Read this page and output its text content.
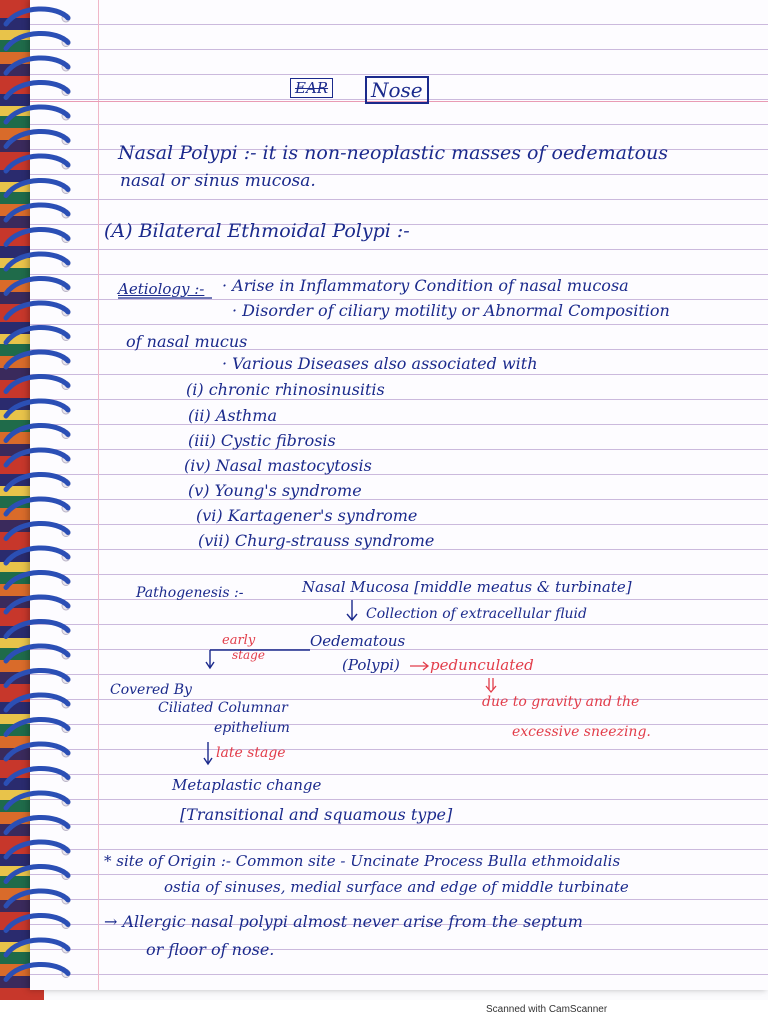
EAR	Nose
Nasal Polypi :- it is non-neoplastic masses of oedematous
nasal or sinus mucosa.
(A) Bilateral Ethmoidal Polypi :-
Aetiology :- · Arise in Inflammatory Condition of nasal mucosa
· Disorder of ciliary motility or Abnormal Composition
of nasal mucus
· Various Diseases also associated with
(i) chronic rhinosinusitis
(ii) Asthma
(iii) Cystic fibrosis
(iv) Nasal mastocytosis
(v) Young's syndrome
(vi) Kartagener's syndrome
(vii) Churg-strauss syndrome
Pathogenesis :-	Nasal Mucosa [middle meatus & turbinate]
Collection of extracellular fluid
early
stage
Oedematous
(Polypi) pedunculated
due to gravity and the
excessive sneezing.
Covered By
Ciliated Columnar
epithelium
late stage
Metaplastic change
[Transitional and squamous type]
* site of Origin :- Common site - Uncinate Process Bulla ethmoidalis
ostia of sinuses, medial surface and edge of middle turbinate
→ Allergic nasal polypi almost never arise from the septum
or floor of nose.
Scanned with CamScanner
